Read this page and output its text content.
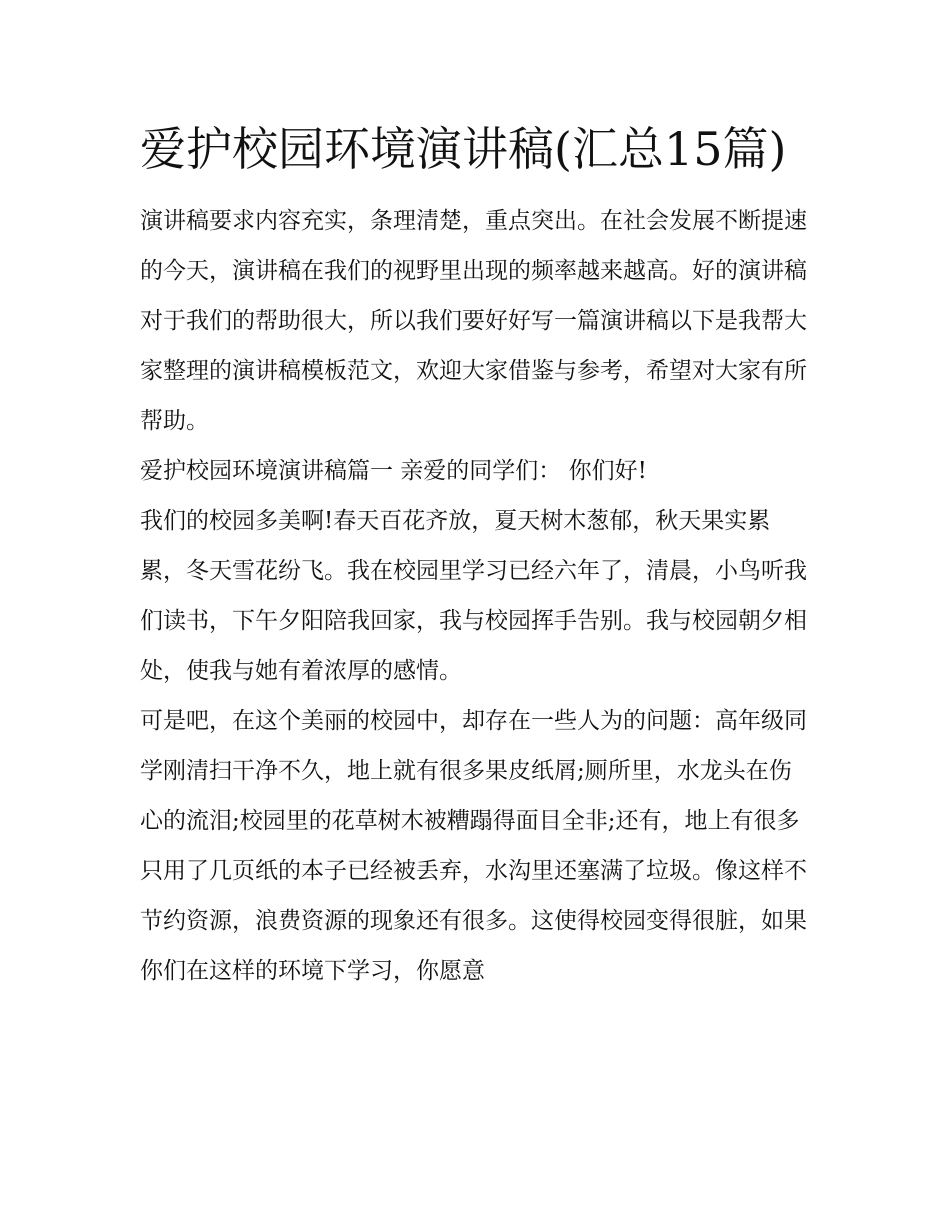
爱护校园环境演讲稿(汇总15篇)

演讲稿要求内容充实，条理清楚，重点突出。在社会发展不断提速的今天，演讲稿在我们的视野里出现的频率越来越高。好的演讲稿对于我们的帮助很大，所以我们要好好写一篇演讲稿以下是我帮大家整理的演讲稿模板范文，欢迎大家借鉴与参考，希望对大家有所帮助。

爱护校园环境演讲稿篇一 亲爱的同学们： 你们好!

我们的校园多美啊!春天百花齐放，夏天树木葱郁，秋天果实累累，冬天雪花纷飞。我在校园里学习已经六年了，清晨，小鸟听我们读书，下午夕阳陪我回家，我与校园挥手告别。我与校园朝夕相处，使我与她有着浓厚的感情。

可是吧，在这个美丽的校园中，却存在一些人为的问题：高年级同学刚清扫干净不久，地上就有很多果皮纸屑;厕所里，水龙头在伤心的流泪;校园里的花草树木被糟蹋得面目全非;还有，地上有很多只用了几页纸的本子已经被丢弃，水沟里还塞满了垃圾。像这样不节约资源，浪费资源的现象还有很多。这使得校园变得很脏，如果你们在这样的环境下学习，你愿意
